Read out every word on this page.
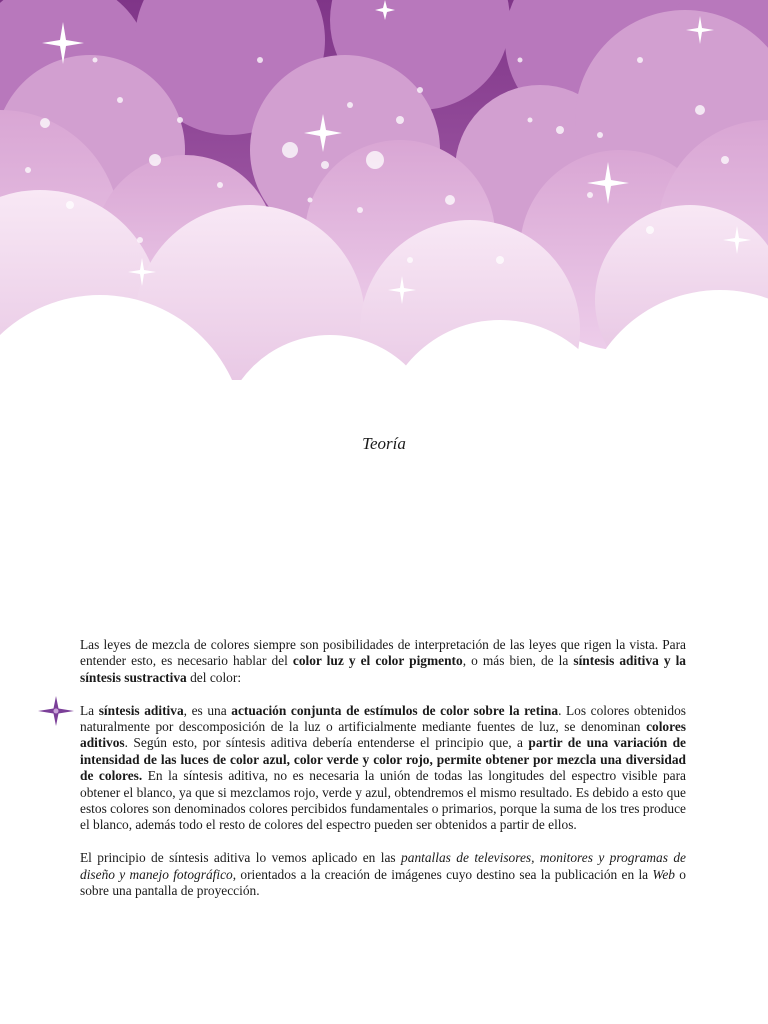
Teoría

Las leyes de mezcla de colores siempre son posibilidades de interpretación de las leyes que rigen la vista. Para entender esto, es necesario hablar del color luz y el color pigmento, o más bien, de la síntesis aditiva y la síntesis sustractiva del color:

La síntesis aditiva, es una actuación conjunta de estímulos de color sobre la retina. Los colores obtenidos naturalmente por descomposición de la luz o artificialmente mediante fuentes de luz, se denominan colores aditivos. Según esto, por síntesis aditiva debería entenderse el principio que, a partir de una variación de intensidad de las luces de color azul, color verde y color rojo, permite obtener por mezcla una diversidad de colores. En la síntesis aditiva, no es necesaria la unión de todas las longitudes del espectro visible para obtener el blanco, ya que si mezclamos rojo, verde y azul, obtendremos el mismo resultado. Es debido a esto que estos colores son denominados colores percibidos fundamentales o primarios, porque la suma de los tres produce el blanco, además todo el resto de colores del espectro pueden ser obtenidos a partir de ellos.

El principio de síntesis aditiva lo vemos aplicado en las pantallas de televisores, monitores y programas de diseño y manejo fotográfico, orientados a la creación de imágenes cuyo destino sea la publicación en la Web o sobre una pantalla de proyección.
